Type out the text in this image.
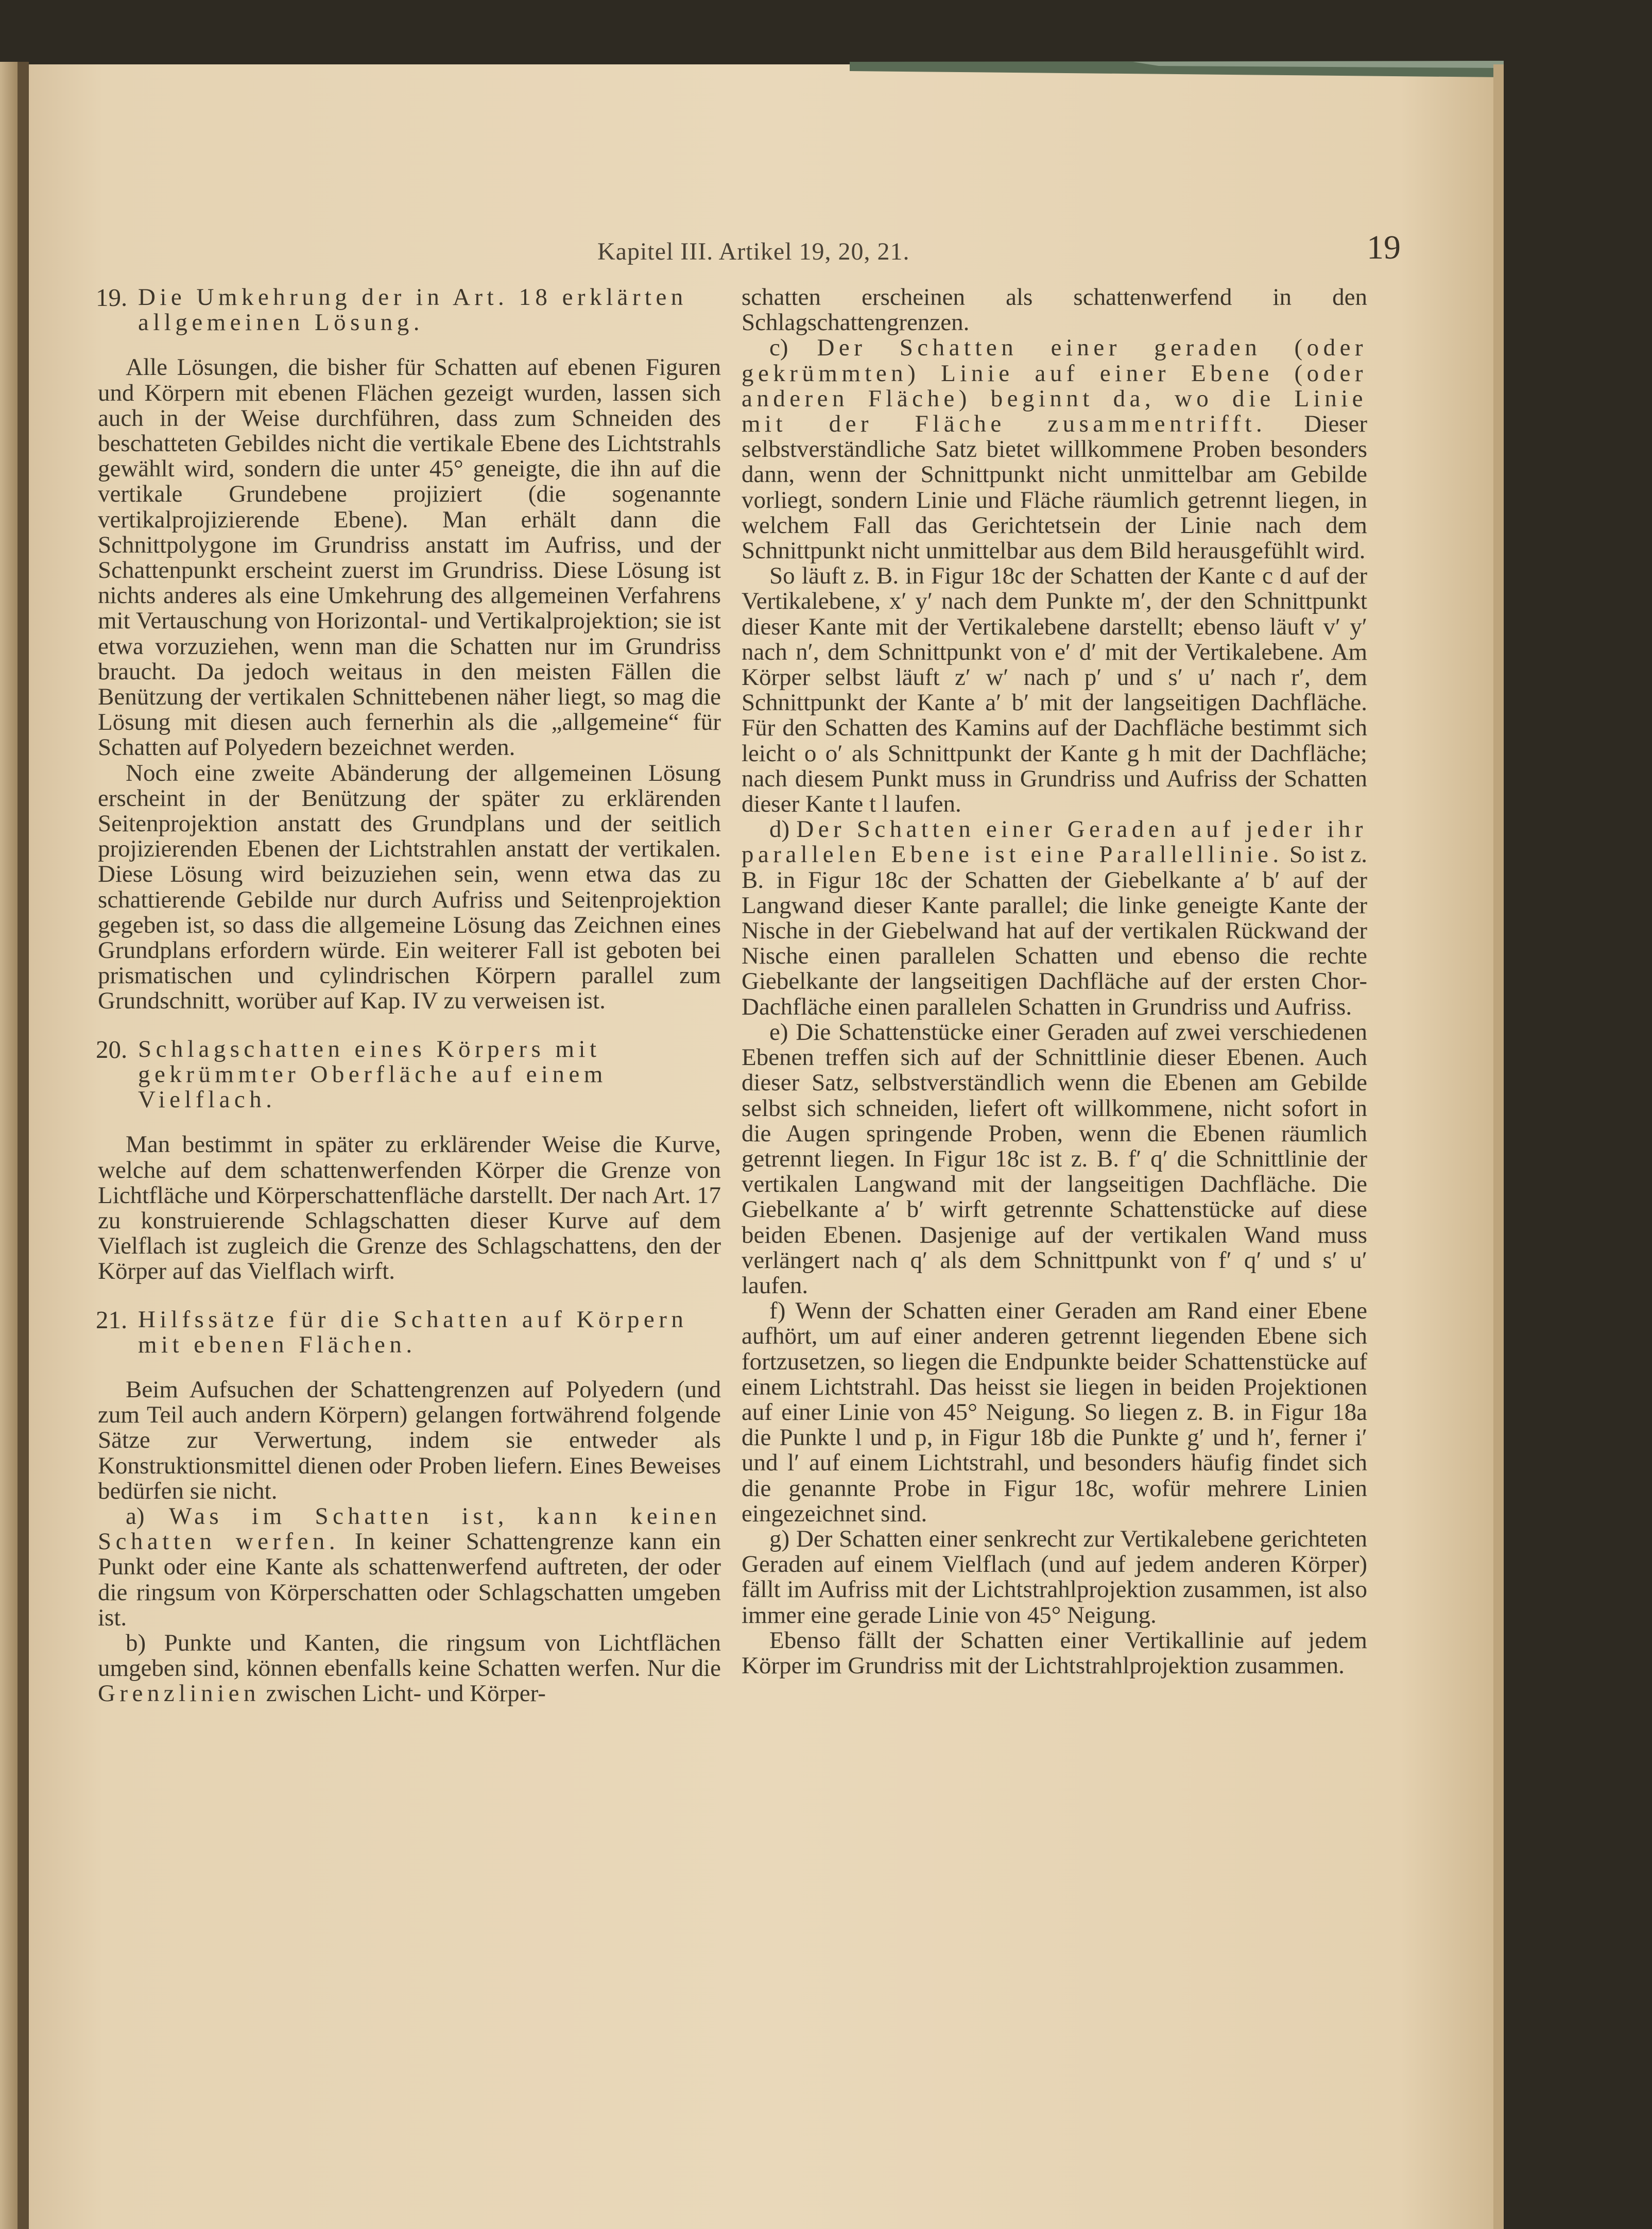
Kapitel III. Artikel 19, 20, 21.	19
19. Die Umkehrung der in Art. 18 erklärten allgemeinen Lösung.

Alle Lösungen, die bisher für Schatten auf ebenen Figuren und Körpern mit ebenen Flächen gezeigt wurden, lassen sich auch in der Weise durchführen, dass zum Schneiden des beschatteten Gebildes nicht die vertikale Ebene des Lichtstrahls gewählt wird, sondern die unter 45° geneigte, die ihn auf die vertikale Grundebene projiziert (die sogenannte vertikalprojizierende Ebene). Man erhält dann die Schnittpolygone im Grundriss anstatt im Aufriss, und der Schattenpunkt erscheint zuerst im Grundriss. Diese Lösung ist nichts anderes als eine Umkehrung des allgemeinen Verfahrens mit Vertauschung von Horizontal- und Vertikalprojektion; sie ist etwa vorzuziehen, wenn man die Schatten nur im Grundriss braucht. Da jedoch weitaus in den meisten Fällen die Benützung der vertikalen Schnittebenen näher liegt, so mag die Lösung mit diesen auch fernerhin als die „allgemeine“ für Schatten auf Polyedern bezeichnet werden.

Noch eine zweite Abänderung der allgemeinen Lösung erscheint in der Benützung der später zu erklärenden Seitenprojektion anstatt des Grundplans und der seitlich projizierenden Ebenen der Lichtstrahlen anstatt der vertikalen. Diese Lösung wird beizuziehen sein, wenn etwa das zu schattierende Gebilde nur durch Aufriss und Seitenprojektion gegeben ist, so dass die allgemeine Lösung das Zeichnen eines Grundplans erfordern würde. Ein weiterer Fall ist geboten bei prismatischen und cylindrischen Körpern parallel zum Grundschnitt, worüber auf Kap. IV zu verweisen ist.

20. Schlagschatten eines Körpers mit gekrümmter Oberfläche auf einem Vielflach.

Man bestimmt in später zu erklärender Weise die Kurve, welche auf dem schattenwerfenden Körper die Grenze von Lichtfläche und Körperschattenfläche darstellt. Der nach Art. 17 zu konstruierende Schlagschatten dieser Kurve auf dem Vielflach ist zugleich die Grenze des Schlagschattens, den der Körper auf das Vielflach wirft.

21. Hilfssätze für die Schatten auf Körpern mit ebenen Flächen.

Beim Aufsuchen der Schattengrenzen auf Polyedern (und zum Teil auch andern Körpern) gelangen fortwährend folgende Sätze zur Verwertung, indem sie entweder als Konstruktionsmittel dienen oder Proben liefern. Eines Beweises bedürfen sie nicht.

a) Was im Schatten ist, kann keinen Schatten werfen. In keiner Schattengrenze kann ein Punkt oder eine Kante als schattenwerfend auftreten, der oder die ringsum von Körperschatten oder Schlagschatten umgeben ist.

b) Punkte und Kanten, die ringsum von Lichtflächen umgeben sind, können ebenfalls keine Schatten werfen. Nur die Grenzlinien zwischen Licht- und Körper-

schatten erscheinen als schattenwerfend in den Schlagschattengrenzen.

c) Der Schatten einer geraden (oder gekrümmten) Linie auf einer Ebene (oder anderen Fläche) beginnt da, wo die Linie mit der Fläche zusammentrifft. Dieser selbstverständliche Satz bietet willkommene Proben besonders dann, wenn der Schnittpunkt nicht unmittelbar am Gebilde vorliegt, sondern Linie und Fläche räumlich getrennt liegen, in welchem Fall das Gerichtetsein der Linie nach dem Schnittpunkt nicht unmittelbar aus dem Bild herausgefühlt wird.

So läuft z. B. in Figur 18c der Schatten der Kante c d auf der Vertikalebene, x′ y′ nach dem Punkte m′, der den Schnittpunkt dieser Kante mit der Vertikalebene darstellt; ebenso läuft v′ y′ nach n′, dem Schnittpunkt von e′ d′ mit der Vertikalebene. Am Körper selbst läuft z′ w′ nach p′ und s′ u′ nach r′, dem Schnittpunkt der Kante a′ b′ mit der langseitigen Dachfläche. Für den Schatten des Kamins auf der Dachfläche bestimmt sich leicht o o′ als Schnittpunkt der Kante g h mit der Dachfläche; nach diesem Punkt muss in Grundriss und Aufriss der Schatten dieser Kante t l laufen.

d) Der Schatten einer Geraden auf jeder ihr parallelen Ebene ist eine Parallellinie. So ist z. B. in Figur 18c der Schatten der Giebelkante a′ b′ auf der Langwand dieser Kante parallel; die linke geneigte Kante der Nische in der Giebelwand hat auf der vertikalen Rückwand der Nische einen parallelen Schatten und ebenso die rechte Giebelkante der langseitigen Dachfläche auf der ersten Chor-Dachfläche einen parallelen Schatten in Grundriss und Aufriss.

e) Die Schattenstücke einer Geraden auf zwei verschiedenen Ebenen treffen sich auf der Schnittlinie dieser Ebenen. Auch dieser Satz, selbstverständlich wenn die Ebenen am Gebilde selbst sich schneiden, liefert oft willkommene, nicht sofort in die Augen springende Proben, wenn die Ebenen räumlich getrennt liegen. In Figur 18c ist z. B. f′ q′ die Schnittlinie der vertikalen Langwand mit der langseitigen Dachfläche. Die Giebelkante a′ b′ wirft getrennte Schattenstücke auf diese beiden Ebenen. Dasjenige auf der vertikalen Wand muss verlängert nach q′ als dem Schnittpunkt von f′ q′ und s′ u′ laufen.

f) Wenn der Schatten einer Geraden am Rand einer Ebene aufhört, um auf einer anderen getrennt liegenden Ebene sich fortzusetzen, so liegen die Endpunkte beider Schattenstücke auf einem Lichtstrahl. Das heisst sie liegen in beiden Projektionen auf einer Linie von 45° Neigung. So liegen z. B. in Figur 18a die Punkte l und p, in Figur 18b die Punkte g′ und h′, ferner i′ und l′ auf einem Lichtstrahl, und besonders häufig findet sich die genannte Probe in Figur 18c, wofür mehrere Linien eingezeichnet sind.

g) Der Schatten einer senkrecht zur Vertikalebene gerichteten Geraden auf einem Vielflach (und auf jedem anderen Körper) fällt im Aufriss mit der Lichtstrahlprojektion zusammen, ist also immer eine gerade Linie von 45° Neigung.

Ebenso fällt der Schatten einer Vertikallinie auf jedem Körper im Grundriss mit der Lichtstrahlprojektion zusammen.
